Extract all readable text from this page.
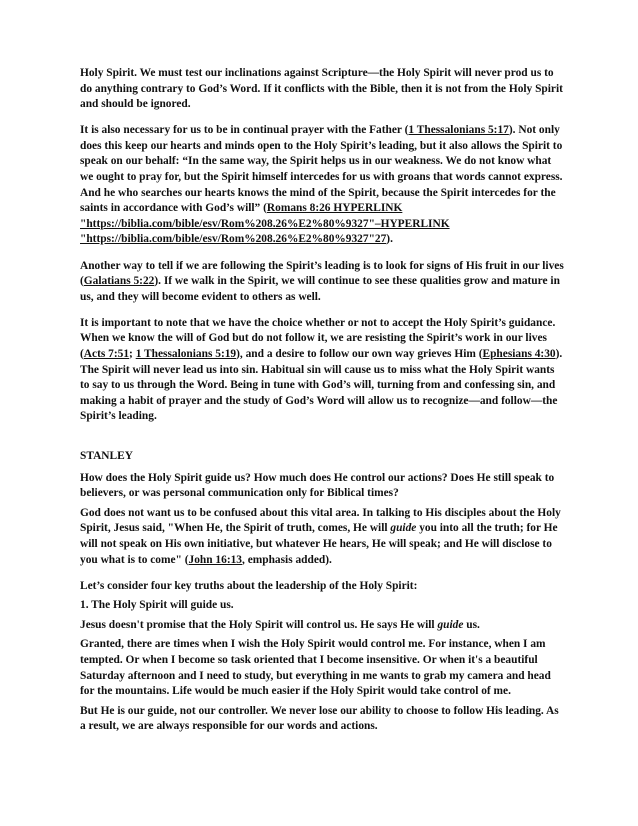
Holy Spirit. We must test our inclinations against Scripture—the Holy Spirit will never prod us to do anything contrary to God’s Word. If it conflicts with the Bible, then it is not from the Holy Spirit and should be ignored.

It is also necessary for us to be in continual prayer with the Father (1 Thessalonians 5:17). Not only does this keep our hearts and minds open to the Holy Spirit’s leading, but it also allows the Spirit to speak on our behalf: “In the same way, the Spirit helps us in our weakness. We do not know what we ought to pray for, but the Spirit himself intercedes for us with groans that words cannot express. And he who searches our hearts knows the mind of the Spirit, because the Spirit intercedes for the saints in accordance with God’s will” (Romans 8:26 HYPERLINK "https://biblia.com/bible/esv/Rom%208.26%E2%80%9327"–HYPERLINK "https://biblia.com/bible/esv/Rom%208.26%E2%80%9327"27).

Another way to tell if we are following the Spirit’s leading is to look for signs of His fruit in our lives (Galatians 5:22). If we walk in the Spirit, we will continue to see these qualities grow and mature in us, and they will become evident to others as well.

It is important to note that we have the choice whether or not to accept the Holy Spirit’s guidance. When we know the will of God but do not follow it, we are resisting the Spirit’s work in our lives (Acts 7:51; 1 Thessalonians 5:19), and a desire to follow our own way grieves Him (Ephesians 4:30). The Spirit will never lead us into sin. Habitual sin will cause us to miss what the Holy Spirit wants to say to us through the Word. Being in tune with God’s will, turning from and confessing sin, and making a habit of prayer and the study of God’s Word will allow us to recognize—and follow—the Spirit’s leading.

STANLEY

How does the Holy Spirit guide us? How much does He control our actions? Does He still speak to believers, or was personal communication only for Biblical times?

God does not want us to be confused about this vital area. In talking to His disciples about the Holy Spirit, Jesus said, "When He, the Spirit of truth, comes, He will guide you into all the truth; for He will not speak on His own initiative, but whatever He hears, He will speak; and He will disclose to you what is to come" (John 16:13, emphasis added).

Let’s consider four key truths about the leadership of the Holy Spirit:

1. The Holy Spirit will guide us.

Jesus doesn't promise that the Holy Spirit will control us. He says He will guide us.

Granted, there are times when I wish the Holy Spirit would control me. For instance, when I am tempted. Or when I become so task oriented that I become insensitive. Or when it's a beautiful Saturday afternoon and I need to study, but everything in me wants to grab my camera and head for the mountains. Life would be much easier if the Holy Spirit would take control of me.

But He is our guide, not our controller. We never lose our ability to choose to follow His leading. As a result, we are always responsible for our words and actions.
